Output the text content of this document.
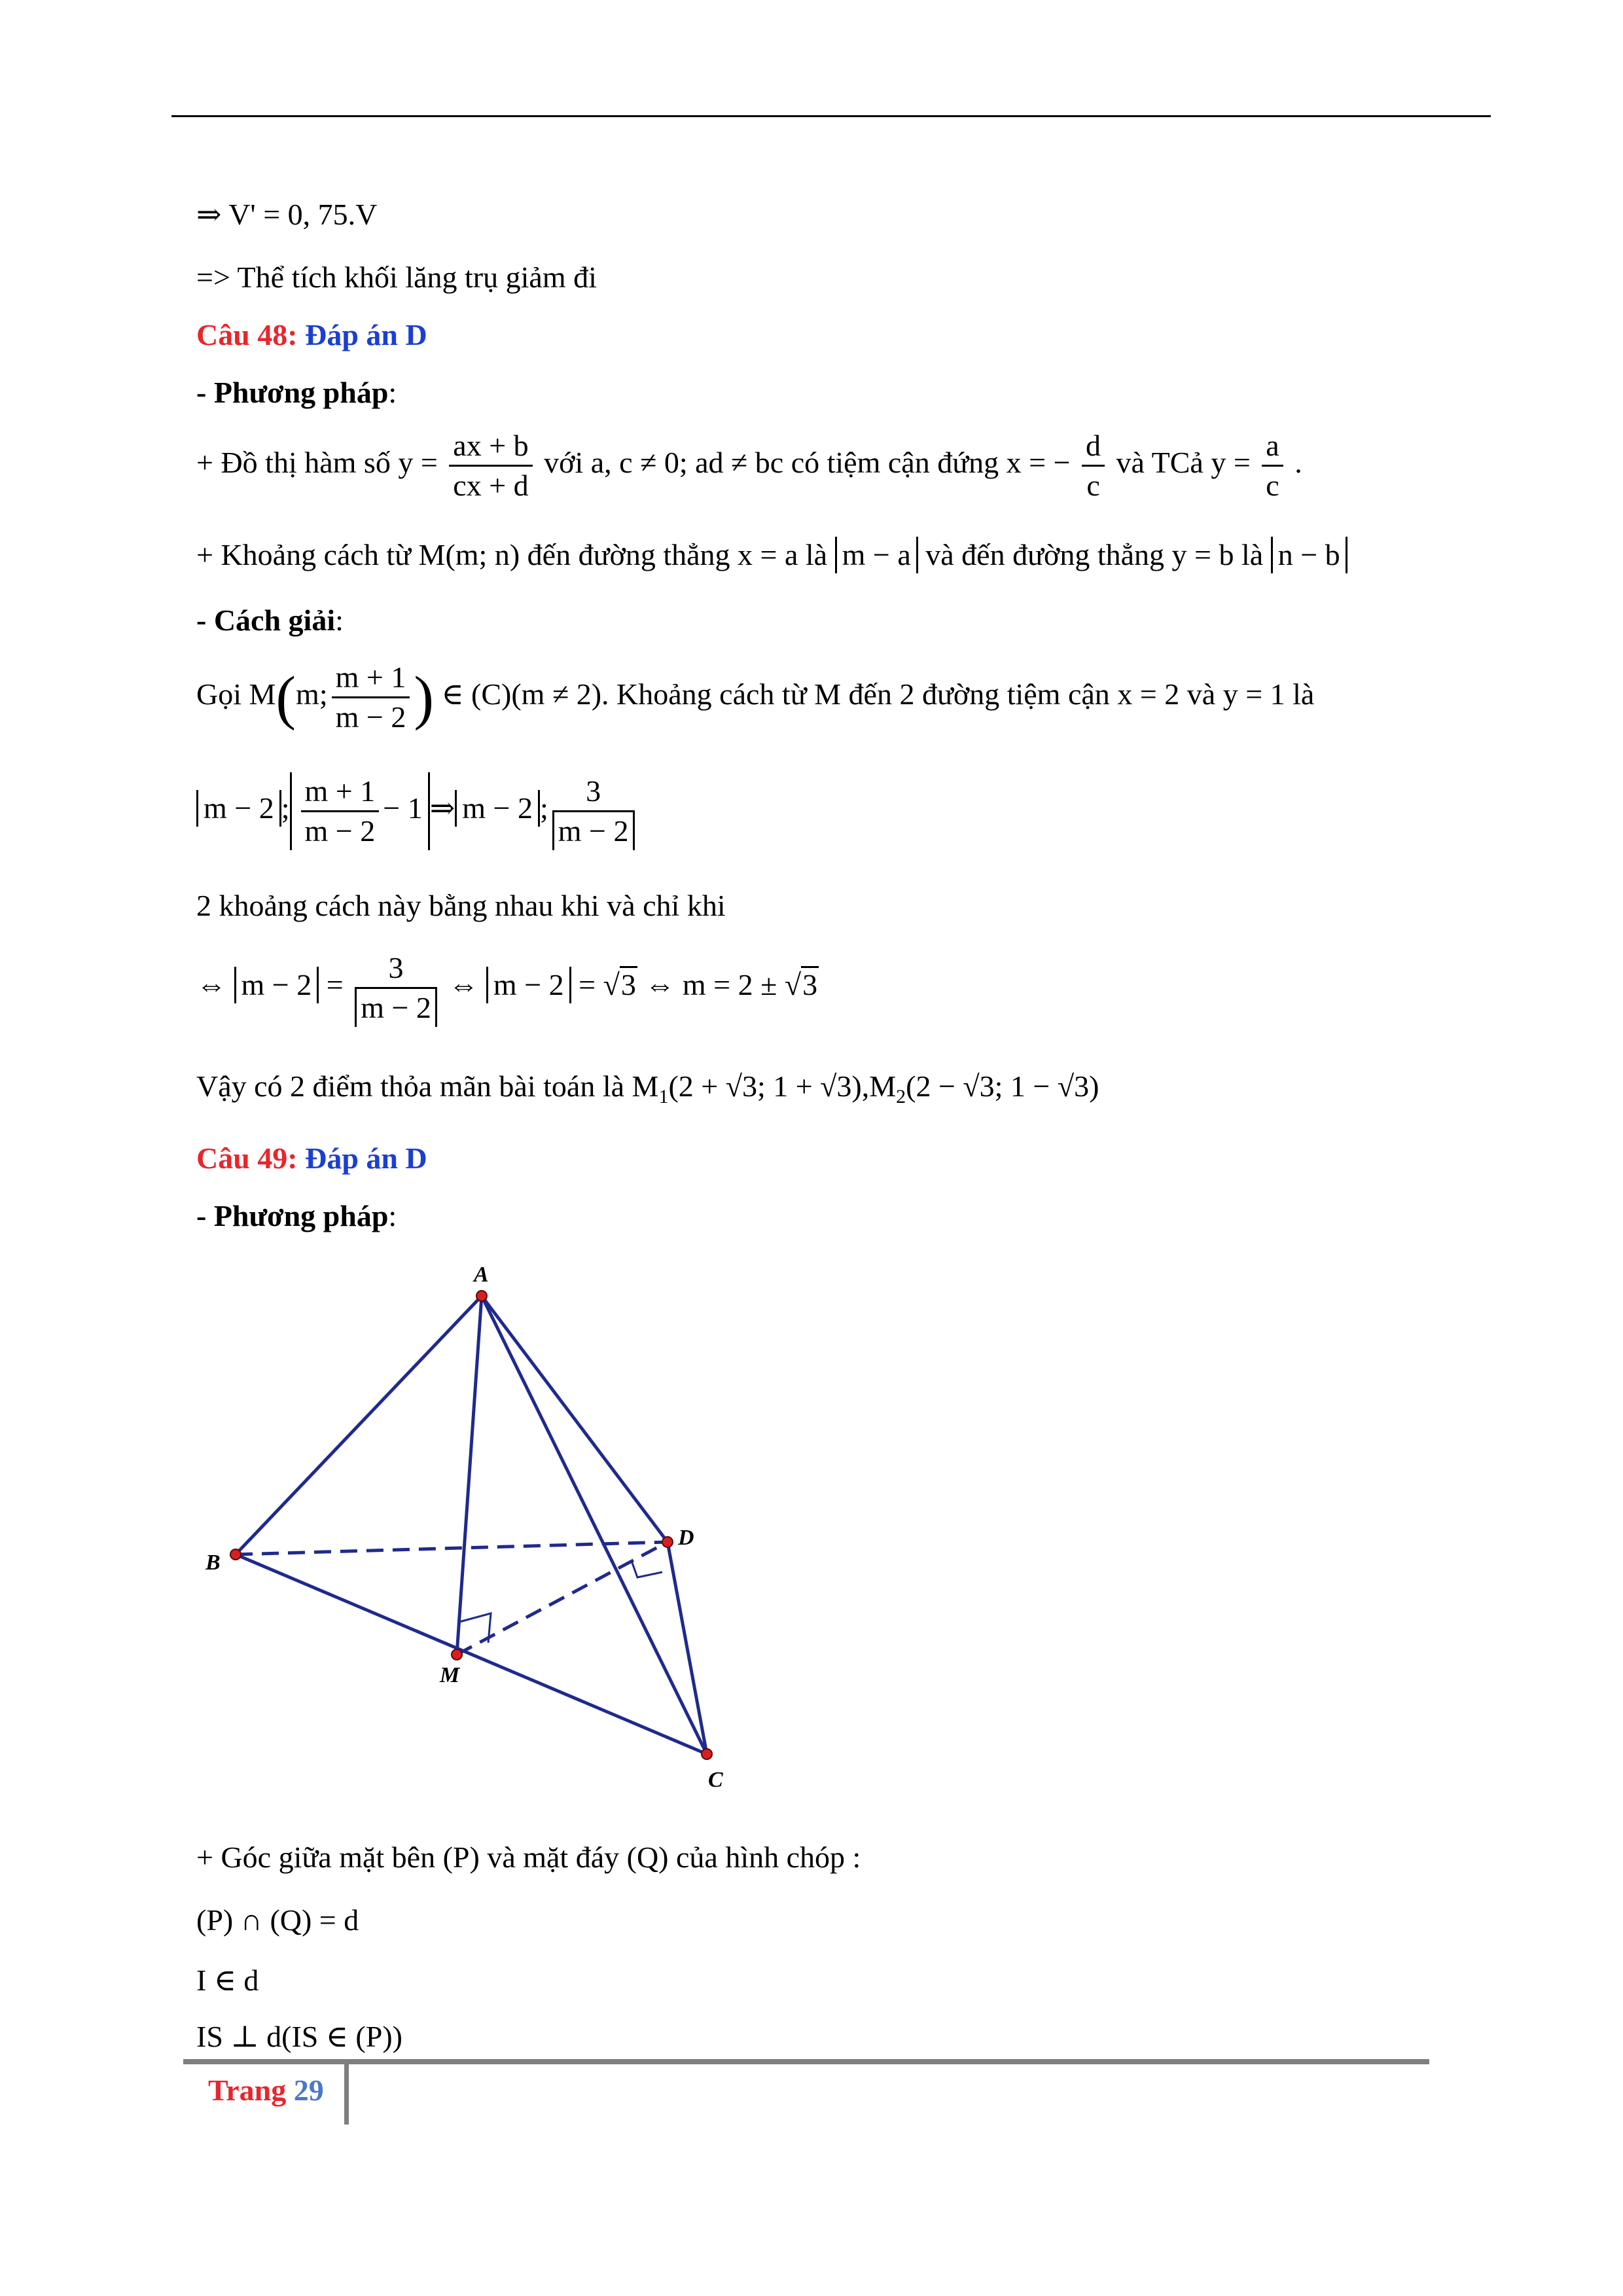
⇒ V' = 0, 75.V
=> Thể tích khối lăng trụ giảm đi
Câu 48: Đáp án D
- Phương pháp:
+ Đồ thị hàm số $y = \frac{ax + b}{cx + d}$ với a, c ≠ 0; ad ≠ bc có tiệm cận đứng x = − $\frac{d}{c}$ và TCả $y = \frac{a}{c}$ .
+ Khoảng cách từ M(m; n) đến đường thẳng x = a là m − a và đến đường thẳng y = b là n − b
- Cách giải:
Gọi M(m; $\frac{m + 1}{m - 2}$ ) ∈ (C)(m ≠ 2). Khoảng cách từ M đến 2 đường tiệm cận x = 2 và y = 1 là
m − 2 ; $\frac{m + 1}{m - 2} - 1$ ⇒ m − 2 ; $\frac{3}{m - 2}$
2 khoảng cách này bằng nhau khi và chỉ khi
⇔ $m - 2 = \frac{3}{m - 2}$ ⇔ m − 2 = √3 ⇔ m = 2 ± √3
Vậy có 2 điểm thỏa mãn bài toán là $M_1(2 + √3$; $1 + √3),M_2(2 - √3$; 1 − √3)
Câu 49: Đáp án D
- Phương pháp:
A
B
D
M
C
+ Góc giữa mặt bên (P) và mặt đáy (Q) của hình chóp :
(P) ∩ (Q) = d
I ∈ d
IS ⊥ d(IS ∈ (P))
Trang 29
